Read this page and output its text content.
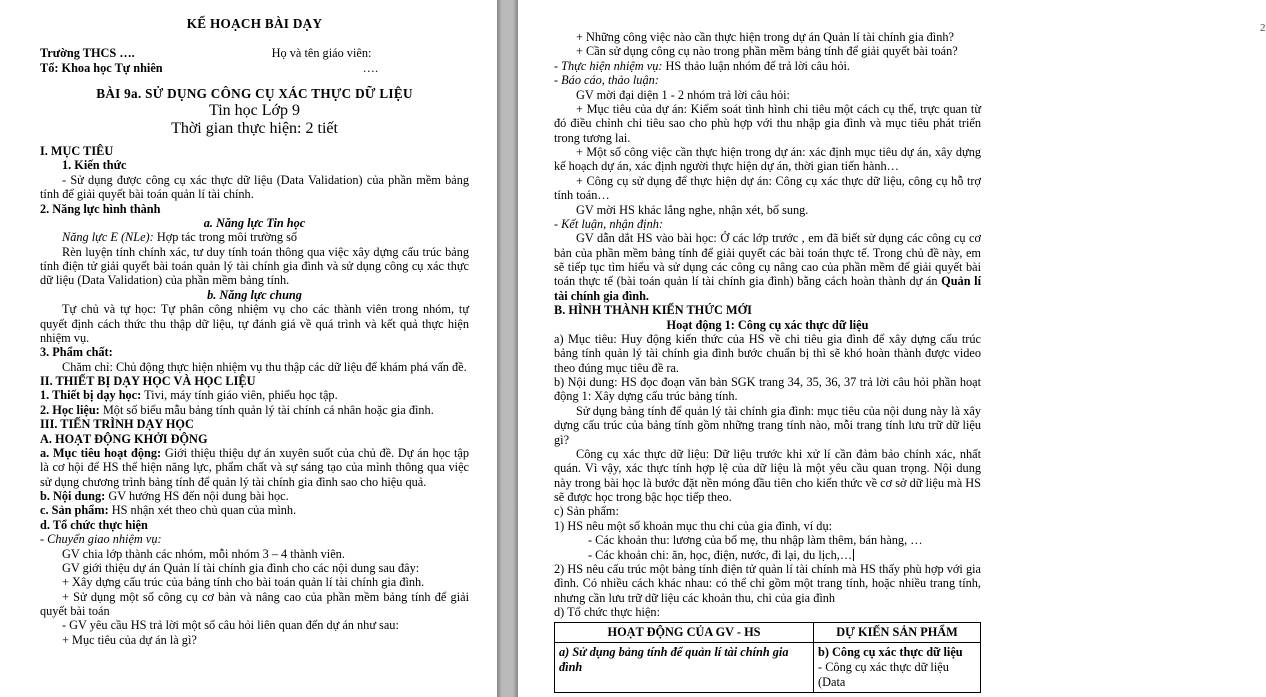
KẾ HOẠCH BÀI DẠY
Trường THCS ….
Tổ: Khoa học Tự nhiên
Họ và tên giáo viên:
….
BÀI 9a. SỬ DỤNG CÔNG CỤ XÁC THỰC DỮ LIỆU
Tin học Lớp 9
Thời gian thực hiện: 2 tiết

I. MỤC TIÊU

1. Kiến thức

- Sử dụng được công cụ xác thực dữ liệu (Data Validation) của phần mềm bảng tính để giải quyết bài toán quản lí tài chính.

2. Năng lực hình thành

a. Năng lực Tin học

Năng lực E (NLe): Hợp tác trong môi trường số

Rèn luyện tính chính xác, tư duy tính toán thông qua việc xây dựng cấu trúc bảng tính điện tử giải quyết bài toán quản lý tài chính gia đình và sử dụng công cụ xác thực dữ liệu (Data Validation) của phần mềm bảng tính.

b. Năng lực chung

Tự chủ và tự học: Tự phân công nhiệm vụ cho các thành viên trong nhóm, tự quyết định cách thức thu thập dữ liệu, tự đánh giá về quá trình và kết quả thực hiện nhiệm vụ.

3. Phẩm chất:

Chăm chỉ: Chủ động thực hiện nhiệm vụ thu thập các dữ liệu để khám phá vấn đề.

II. THIẾT BỊ DẠY HỌC VÀ HỌC LIỆU

1. Thiết bị dạy học: Tivi, máy tính giáo viên, phiếu học tập.

2. Học liệu: Một số biểu mẫu bảng tính quản lý tài chính cá nhân hoặc gia đình.

III. TIẾN TRÌNH DẠY HỌC

A. HOẠT ĐỘNG KHỞI ĐỘNG

a. Mục tiêu hoạt động: Giới thiệu thiệu dự án xuyên suốt của chủ đề. Dự án học tập là cơ hội để HS thể hiện năng lực, phẩm chất và sự sáng tạo của mình thông qua việc sử dụng chương trình bảng tính để quản lý tài chính gia đình sao cho hiệu quả.

b. Nội dung: GV hướng HS đến nội dung bài học.

c. Sản phẩm: HS nhận xét theo chủ quan của mình.

d. Tổ chức thực hiện

- Chuyển giao nhiệm vụ:

GV chia lớp thành các nhóm, mỗi nhóm 3 – 4 thành viên.

GV giới thiệu dự án Quản lí tài chính gia đình cho các nội dung sau đây:

+ Xây dựng cấu trúc của bảng tính cho bài toán quản lí tài chính gia đình.

+ Sử dụng một số công cụ cơ bản và nâng cao của phần mềm bảng tính để giải quyết bài toán

- GV yêu cầu HS trả lời một số câu hỏi liên quan đến dự án như sau:

+ Mục tiêu của dự án là gì?

2

+ Những công việc nào cần thực hiện trong dự án Quản lí tài chính gia đình?

+ Cần sử dụng công cụ nào trong phần mềm bảng tính để giải quyết bài toán?

- Thực hiện nhiệm vụ: HS thảo luận nhóm để trả lời câu hỏi.

- Báo cáo, thảo luận:

GV mời đại diện 1 - 2 nhóm trả lời câu hỏi:

+ Mục tiêu của dự án: Kiểm soát tình hình chi tiêu một cách cụ thể, trực quan từ đó điều chỉnh chi tiêu sao cho phù hợp với thu nhập gia đình và mục tiêu phát triển trong tương lai.

+ Một số công việc cần thực hiện trong dự án: xác định mục tiêu dự án, xây dựng kế hoạch dự án, xác định người thực hiện dự án, thời gian tiến hành…

+ Công cụ sử dụng để thực hiện dự án: Công cụ xác thực dữ liệu, công cụ hỗ trợ tính toán…

GV mời HS khác lắng nghe, nhận xét, bổ sung.

- Kết luận, nhận định:

GV dẫn dắt HS vào bài học: Ở các lớp trước , em đã biết sử dụng các công cụ cơ bản của phần mềm bảng tính để giải quyết các bài toán thực tế. Trong chủ đề này, em sẽ tiếp tục tìm hiểu và sử dụng các công cụ nâng cao của phần mềm để giải quyết bài toán thực tế (bài toán quản lí tài chính gia đình) bằng cách hoàn thành dự án Quản lí tài chính gia đình.

B. HÌNH THÀNH KIẾN THỨC MỚI

Hoạt động 1: Công cụ xác thực dữ liệu

a) Mục tiêu: Huy động kiến thức của HS về chi tiêu gia đình để xây dựng cấu trúc bảng tính quản lý tài chính gia đình bước chuẩn bị thì sẽ khó hoàn thành được video theo đúng mục tiêu đề ra.

b) Nội dung: HS đọc đoạn văn bản SGK trang 34, 35, 36, 37 trả lời câu hỏi phần hoạt động 1: Xây dựng cấu trúc bảng tính.

Sử dụng bảng tính để quản lý tài chính gia đình: mục tiêu của nội dung này là xây dựng cấu trúc của bảng tính gồm những trang tính nào, mỗi trang tính lưu trữ dữ liệu gì?

Công cụ xác thực dữ liệu: Dữ liệu trước khi xử lí cần đảm bảo chính xác, nhất quán. Vì vậy, xác thực tính hợp lệ của dữ liệu là một yêu cầu quan trọng. Nội dung này trong bài học là bước đặt nền móng đầu tiên cho kiến thức về cơ sở dữ liệu mà HS sẽ được học trong bậc học tiếp theo.

c) Sản phẩm:

1) HS nêu một số khoản mục thu chi của gia đình, ví dụ:

- Các khoản thu: lương của bố mẹ, thu nhập làm thêm, bán hàng, …

- Các khoản chi: ăn, học, điện, nước, đi lại, du lịch,…

2) HS nêu cấu trúc một bảng tính điện tử quản lí tài chính mà HS thấy phù hợp với gia đình. Có nhiều cách khác nhau: có thể chỉ gồm một trang tính, hoặc nhiều trang tính, nhưng cần lưu trữ dữ liệu các khoản thu, chi của gia đình

d) Tổ chức thực hiện:

HOẠT ĐỘNG CỦA GV - HS	DỰ KIẾN SẢN PHẨM
a) Sử dụng bảng tính để quản lí tài chính gia đình	b) Công cụ xác thực dữ liệu
- Công cụ xác thực dữ liệu (Data
